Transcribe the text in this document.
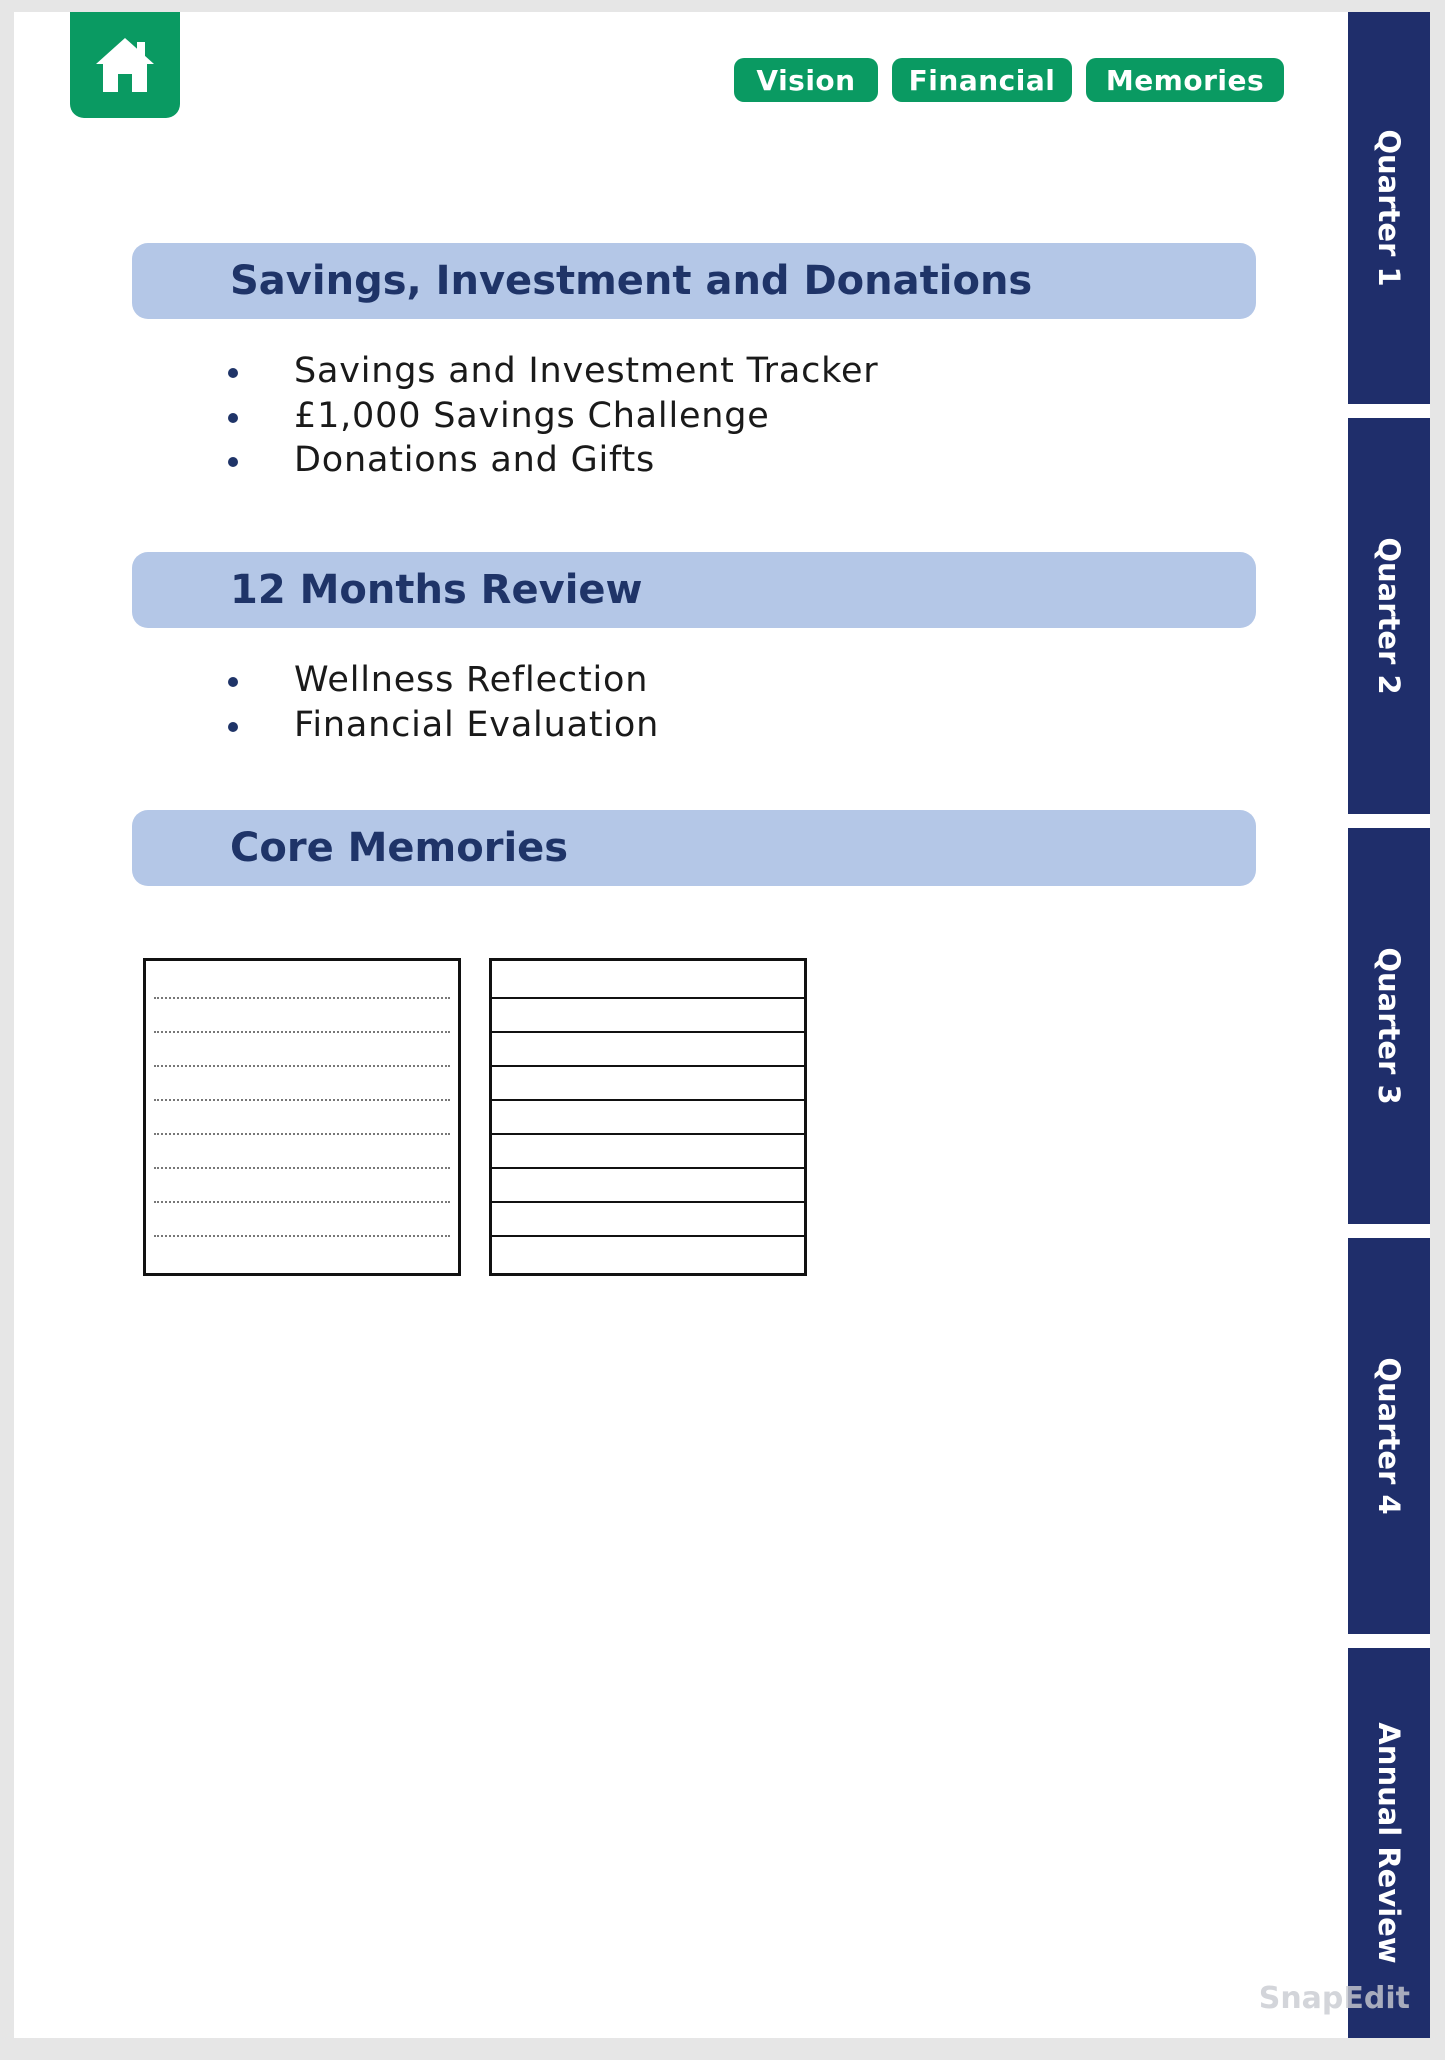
Vision	Financial	Memories
Savings, Investment and Donations
Savings and Investment Tracker
£1,000 Savings Challenge
Donations and Gifts
12 Months Review
Wellness Reflection
Financial Evaluation
Core Memories
Quarter 1
Quarter 2
Quarter 3
Quarter 4
Annual Review
SnapEdit
